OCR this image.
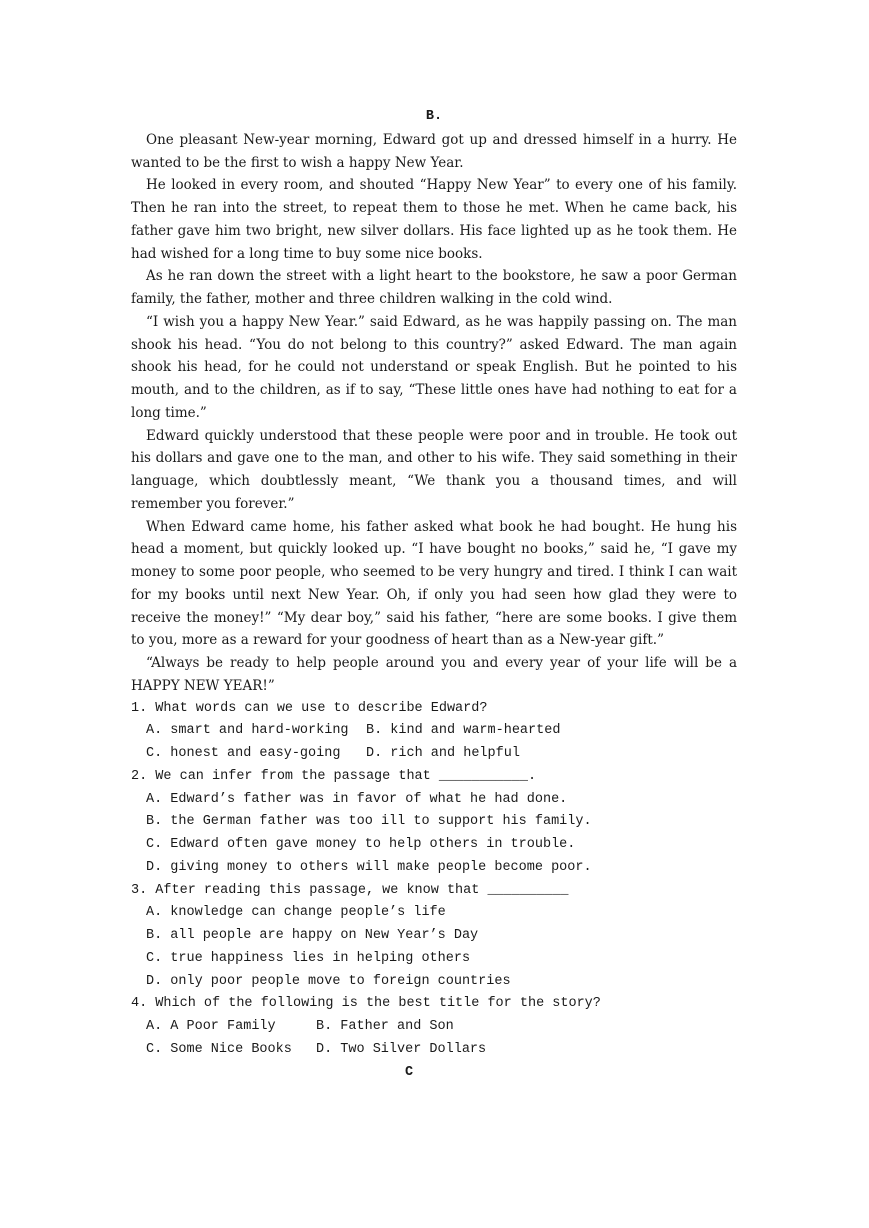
B.

One pleasant New-year morning, Edward got up and dressed himself in a hurry. He wanted to be the first to wish a happy New Year.

He looked in every room, and shouted “Happy New Year” to every one of his family. Then he ran into the street, to repeat them to those he met. When he came back, his father gave him two bright, new silver dollars. His face lighted up as he took them. He had wished for a long time to buy some nice books.

As he ran down the street with a light heart to the bookstore, he saw a poor German family, the father, mother and three children walking in the cold wind.

“I wish you a happy New Year.” said Edward, as he was happily passing on. The man shook his head. “You do not belong to this country?” asked Edward. The man again shook his head, for he could not understand or speak English. But he pointed to his mouth, and to the children, as if to say, “These little ones have had nothing to eat for a long time.”

Edward quickly understood that these people were poor and in trouble. He took out his dollars and gave one to the man, and other to his wife. They said something in their language, which doubtlessly meant, “We thank you a thousand times, and will remember you forever.”

When Edward came home, his father asked what book he had bought. He hung his head a moment, but quickly looked up. “I have bought no books,” said he, “I gave my money to some poor people, who seemed to be very hungry and tired. I think I can wait for my books until next New Year. Oh, if only you had seen how glad they were to receive the money!” “My dear boy,” said his father, “here are some books. I give them to you, more as a reward for your goodness of heart than as a New-year gift.”

“Always be ready to help people around you and every year of your life will be a HAPPY NEW YEAR!”

1. What words can we use to describe Edward?

A. smart and hard-working	B. kind and warm-hearted
C. honest and easy-going	D. rich and helpful

2. We can infer from the passage that ___________.

A. Edward’s father was in favor of what he had done.
B. the German father was too ill to support his family.
C. Edward often gave money to help others in trouble.
D. giving money to others will make people become poor.

3. After reading this passage, we know that __________

A. knowledge can change people’s life
B. all people are happy on New Year’s Day
C. true happiness lies in helping others
D. only poor people move to foreign countries

4. Which of the following is the best title for the story?

A. A Poor Family	B. Father and Son
C. Some Nice Books	D. Two Silver Dollars
C
